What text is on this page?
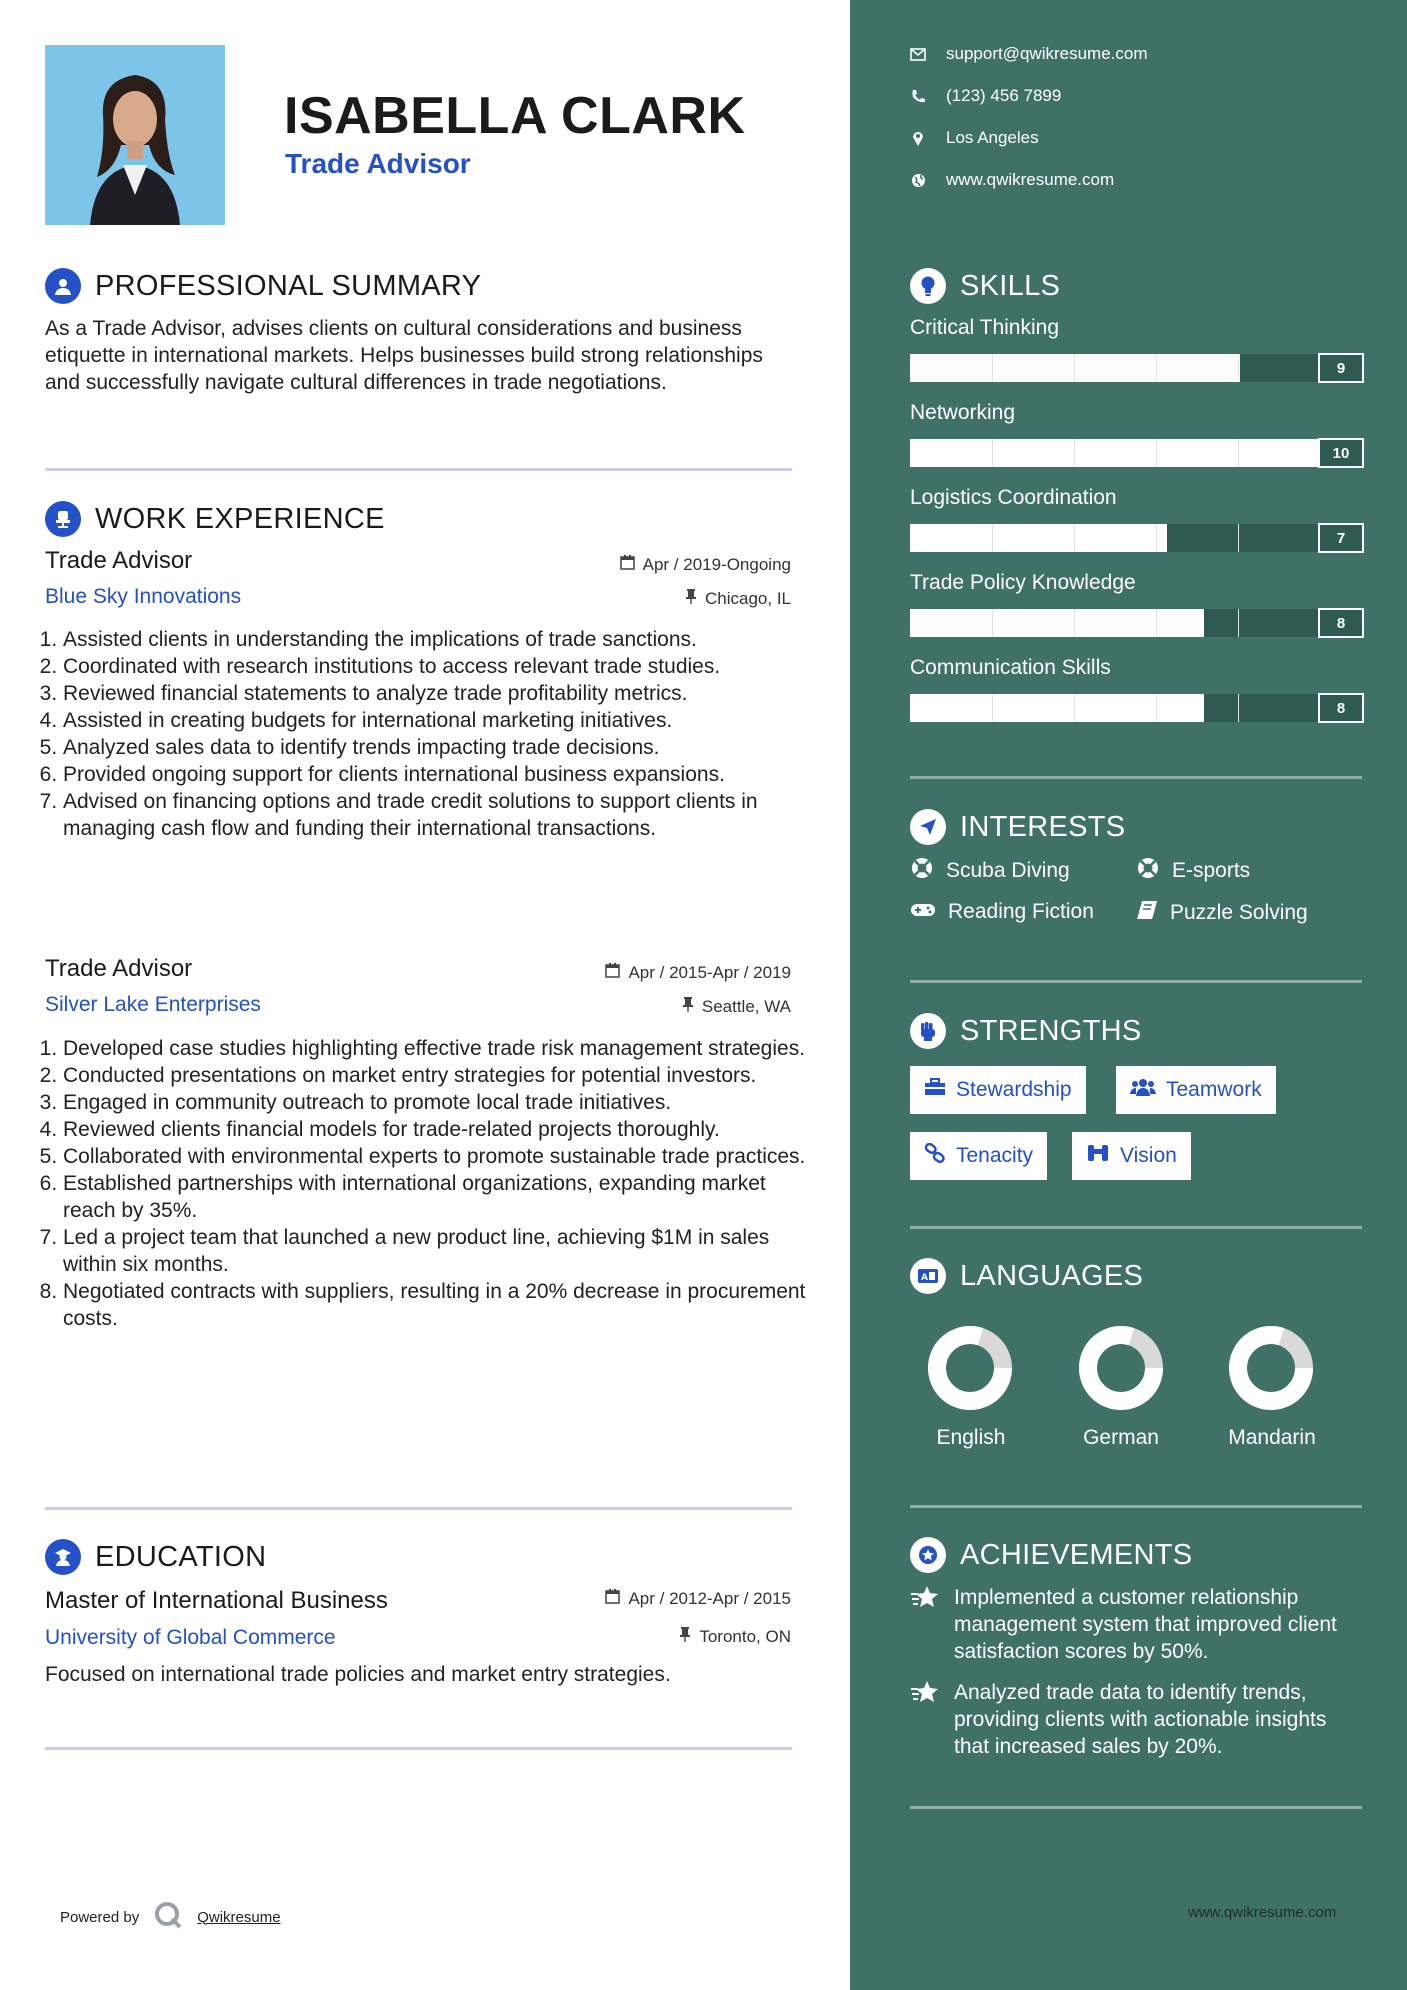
ISABELLA CLARK
Trade Advisor
PROFESSIONAL SUMMARY

As a Trade Advisor, advises clients on cultural considerations and business etiquette in international markets. Helps businesses build strong relationships and successfully navigate cultural differences in trade negotiations.

WORK EXPERIENCE
Trade Advisor	Apr / 2019-Ongoing
Blue Sky Innovations	Chicago, IL
1. Assisted clients in understanding the implications of trade sanctions.
2. Coordinated with research institutions to access relevant trade studies.
3. Reviewed financial statements to analyze trade profitability metrics.
4. Assisted in creating budgets for international marketing initiatives.
5. Analyzed sales data to identify trends impacting trade decisions.
6. Provided ongoing support for clients international business expansions.
7. Advised on financing options and trade credit solutions to support clients in managing cash flow and funding their international transactions.
Trade Advisor	Apr / 2015-Apr / 2019
Silver Lake Enterprises	Seattle, WA
1. Developed case studies highlighting effective trade risk management strategies.
2. Conducted presentations on market entry strategies for potential investors.
3. Engaged in community outreach to promote local trade initiatives.
4. Reviewed clients financial models for trade-related projects thoroughly.
5. Collaborated with environmental experts to promote sustainable trade practices.
6. Established partnerships with international organizations, expanding market reach by 35%.
7. Led a project team that launched a new product line, achieving $1M in sales within six months.
8. Negotiated contracts with suppliers, resulting in a 20% decrease in procurement costs.
EDUCATION
Master of International Business	Apr / 2012-Apr / 2015
University of Global Commerce	Toronto, ON

Focused on international trade policies and market entry strategies.

Powered by	Qwikresume
support@qwikresume.com
(123) 456 7899
Los Angeles
www.qwikresume.com
SKILLS
Critical Thinking
9
Networking
10
Logistics Coordination
7
Trade Policy Knowledge
8
Communication Skills
8
INTERESTS
Scuba Diving	E-sports
Reading Fiction	Puzzle Solving
STRENGTHS
Stewardship	Teamwork
Tenacity	Vision
A LANGUAGES
English	German	Mandarin
ACHIEVEMENTS
Implemented a customer relationship management system that improved client satisfaction scores by 50%.
Analyzed trade data to identify trends, providing clients with actionable insights that increased sales by 20%.
www.qwikresume.com
